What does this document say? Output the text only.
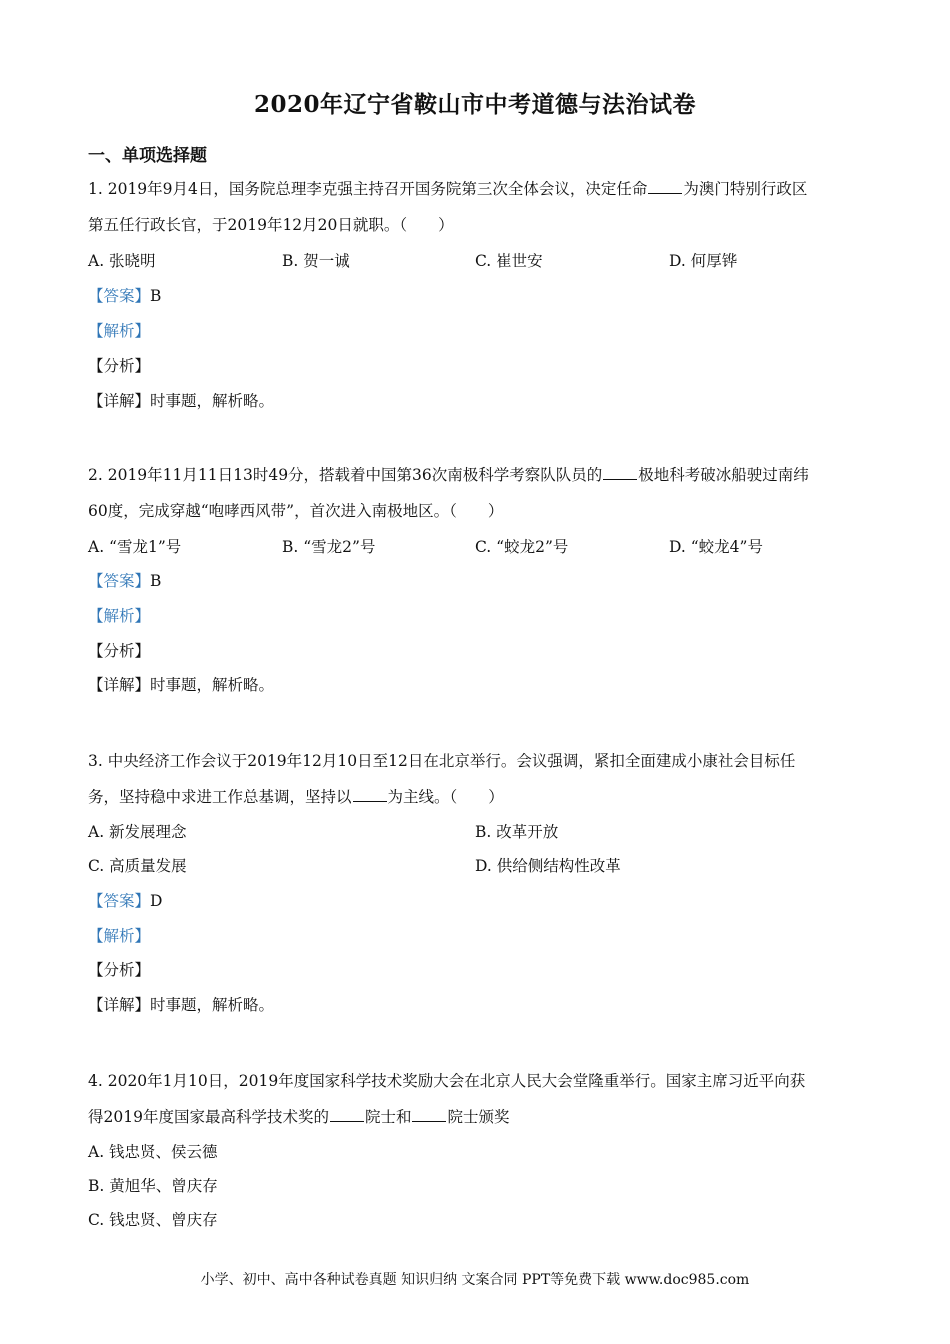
2020年辽宁省鞍山市中考道德与法治试卷
一、单项选择题
1. 2019年9月4日，国务院总理李克强主持召开国务院第三次全体会议，决定任命 为澳门特别行政区
第五任行政长官，于2019年12月20日就职。（　　）
A. 张晓明	B. 贺一诚	C. 崔世安	D. 何厚铧
【答案】B
【解析】
【分析】
【详解】时事题，解析略。
2. 2019年11月11日13时49分，搭载着中国第36次南极科学考察队队员的 极地科考破冰船驶过南纬
60度，完成穿越“咆哮西风带”，首次进入南极地区。（　　）
A. “雪龙1”号	B. “雪龙2”号	C. “蛟龙2”号	D. “蛟龙4”号
【答案】B
【解析】
【分析】
【详解】时事题，解析略。
3. 中央经济工作会议于2019年12月10日至12日在北京举行。会议强调，紧扣全面建成小康社会目标任
务，坚持稳中求进工作总基调，坚持以 为主线。（　　）
A. 新发展理念	B. 改革开放
C. 高质量发展	D. 供给侧结构性改革
【答案】D
【解析】
【分析】
【详解】时事题，解析略。
4. 2020年1月10日，2019年度国家科学技术奖励大会在北京人民大会堂隆重举行。国家主席习近平向获
得2019年度国家最高科学技术奖的 院士和 院士颁奖
A. 钱忠贤、侯云德
B. 黄旭华、曾庆存
C. 钱忠贤、曾庆存
小学、初中、高中各种试卷真题 知识归纳 文案合同 PPT等免费下载 www.doc985.com
